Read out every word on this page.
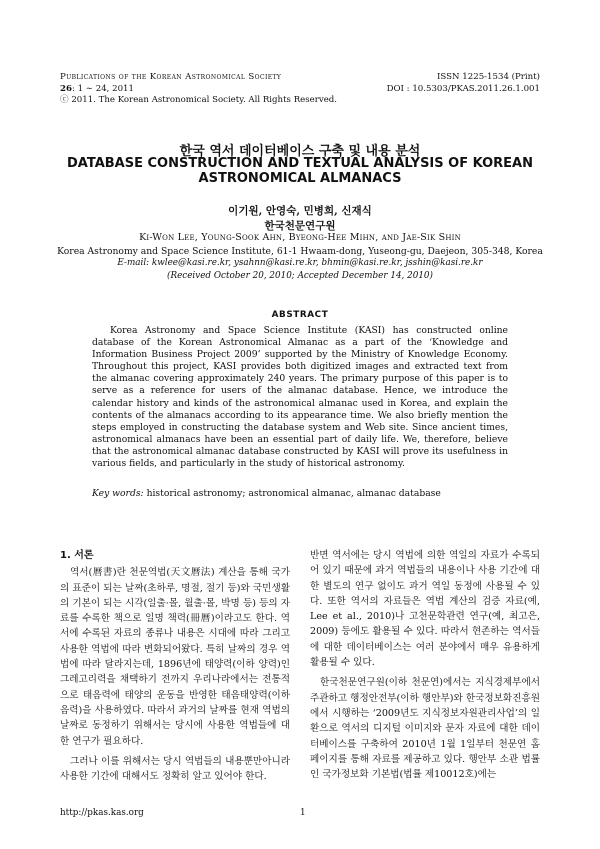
Publications of the Korean Astronomical Society
26: 1 ∼ 24, 2011
ⓒ 2011. The Korean Astronomical Society. All Rights Reserved.
ISSN 1225-1534 (Print)
DOI : 10.5303/PKAS.2011.26.1.001
한국 역서 데이터베이스 구축 및 내용 분석
DATABASE CONSTRUCTION AND TEXTUAL ANALYSIS OF KOREAN
ASTRONOMICAL ALMANACS
이기원, 안영숙, 민병희, 신재식
한국천문연구원
Ki-Won Lee, Young-Sook Ahn, Byeong-Hee Mihn, and Jae-Sik Shin
Korea Astronomy and Space Science Institute, 61-1 Hwaam-dong, Yuseong-gu, Daejeon, 305-348, Korea
E-mail: kwlee@kasi.re.kr, ysahnn@kasi.re.kr, bhmin@kasi.re.kr, jsshin@kasi.re.kr
(Received October 20, 2010; Accepted December 14, 2010)
ABSTRACT
Korea Astronomy and Space Science Institute (KASI) has constructed online database of the Korean Astronomical Almanac as a part of the ‘Knowledge and Information Business Project 2009’ supported by the Ministry of Knowledge Economy. Throughout this project, KASI provides both digitized images and extracted text from the almanac covering approximately 240 years. The primary purpose of this paper is to serve as a reference for users of the almanac database. Hence, we introduce the calendar history and kinds of the astronomical almanac used in Korea, and explain the contents of the almanacs according to its appearance time. We also briefly mention the steps employed in constructing the database system and Web site. Since ancient times, astronomical almanacs have been an essential part of daily life. We, therefore, believe that the astronomical almanac database constructed by KASI will prove its usefulness in various fields, and particularly in the study of historical astronomy.
Key words: historical astronomy; astronomical almanac, almanac database
1. 서론

역서(曆書)란 천문역법(天文曆法) 계산을 통해 국가의 표준이 되는 날짜(초하루, 명절, 절기 등)와 국민생활의 기본이 되는 시각(일출·몰, 월출·몰, 박명 등) 등의 자료를 수록한 책으로 일명 책력(冊曆)이라고도 한다. 역서에 수록된 자료의 종류나 내용은 시대에 따라 그리고 사용한 역법에 따라 변화되어왔다. 특히 날짜의 경우 역법에 따라 달라지는데, 1896년에 태양력(이하 양력)인 그레고리력을 채택하기 전까지 우리나라에서는 전통적으로 태음력에 태양의 운동을 반영한 태음태양력(이하 음력)을 사용하였다. 따라서 과거의 날짜를 현재 역법의 날짜로 동정하기 위해서는 당시에 사용한 역법들에 대한 연구가 필요하다.

그러나 이를 위해서는 당시 역법들의 내용뿐만아니라 사용한 기간에 대해서도 정확히 알고 있어야 한다.

반면 역서에는 당시 역법에 의한 역일의 자료가 수록되어 있기 때문에 과거 역법들의 내용이나 사용 기간에 대한 별도의 연구 없이도 과거 역일 동정에 사용될 수 있다. 또한 역서의 자료들은 역법 계산의 검증 자료(예, Lee et al., 2010)나 고천문학관련 연구(예, 최고은, 2009) 등에도 활용될 수 있다. 따라서 현존하는 역서들에 대한 데이터베이스는 여러 분야에서 매우 유용하게 활용될 수 있다.

한국천문연구원(이하 천문연)에서는 지식경제부에서 주관하고 행정안전부(이하 행안부)와 한국정보화진흥원에서 시행하는 ‘2009년도 지식정보자원관리사업’의 일환으로 역서의 디지털 이미지와 문자 자료에 대한 데이터베이스를 구축하여 2010년 1월 1일부터 천문연 홈페이지를 통해 자료를 제공하고 있다. 행안부 소관 법률인 국가정보화 기본법(법률 제10012호)에는

http://pkas.kas.org	1
